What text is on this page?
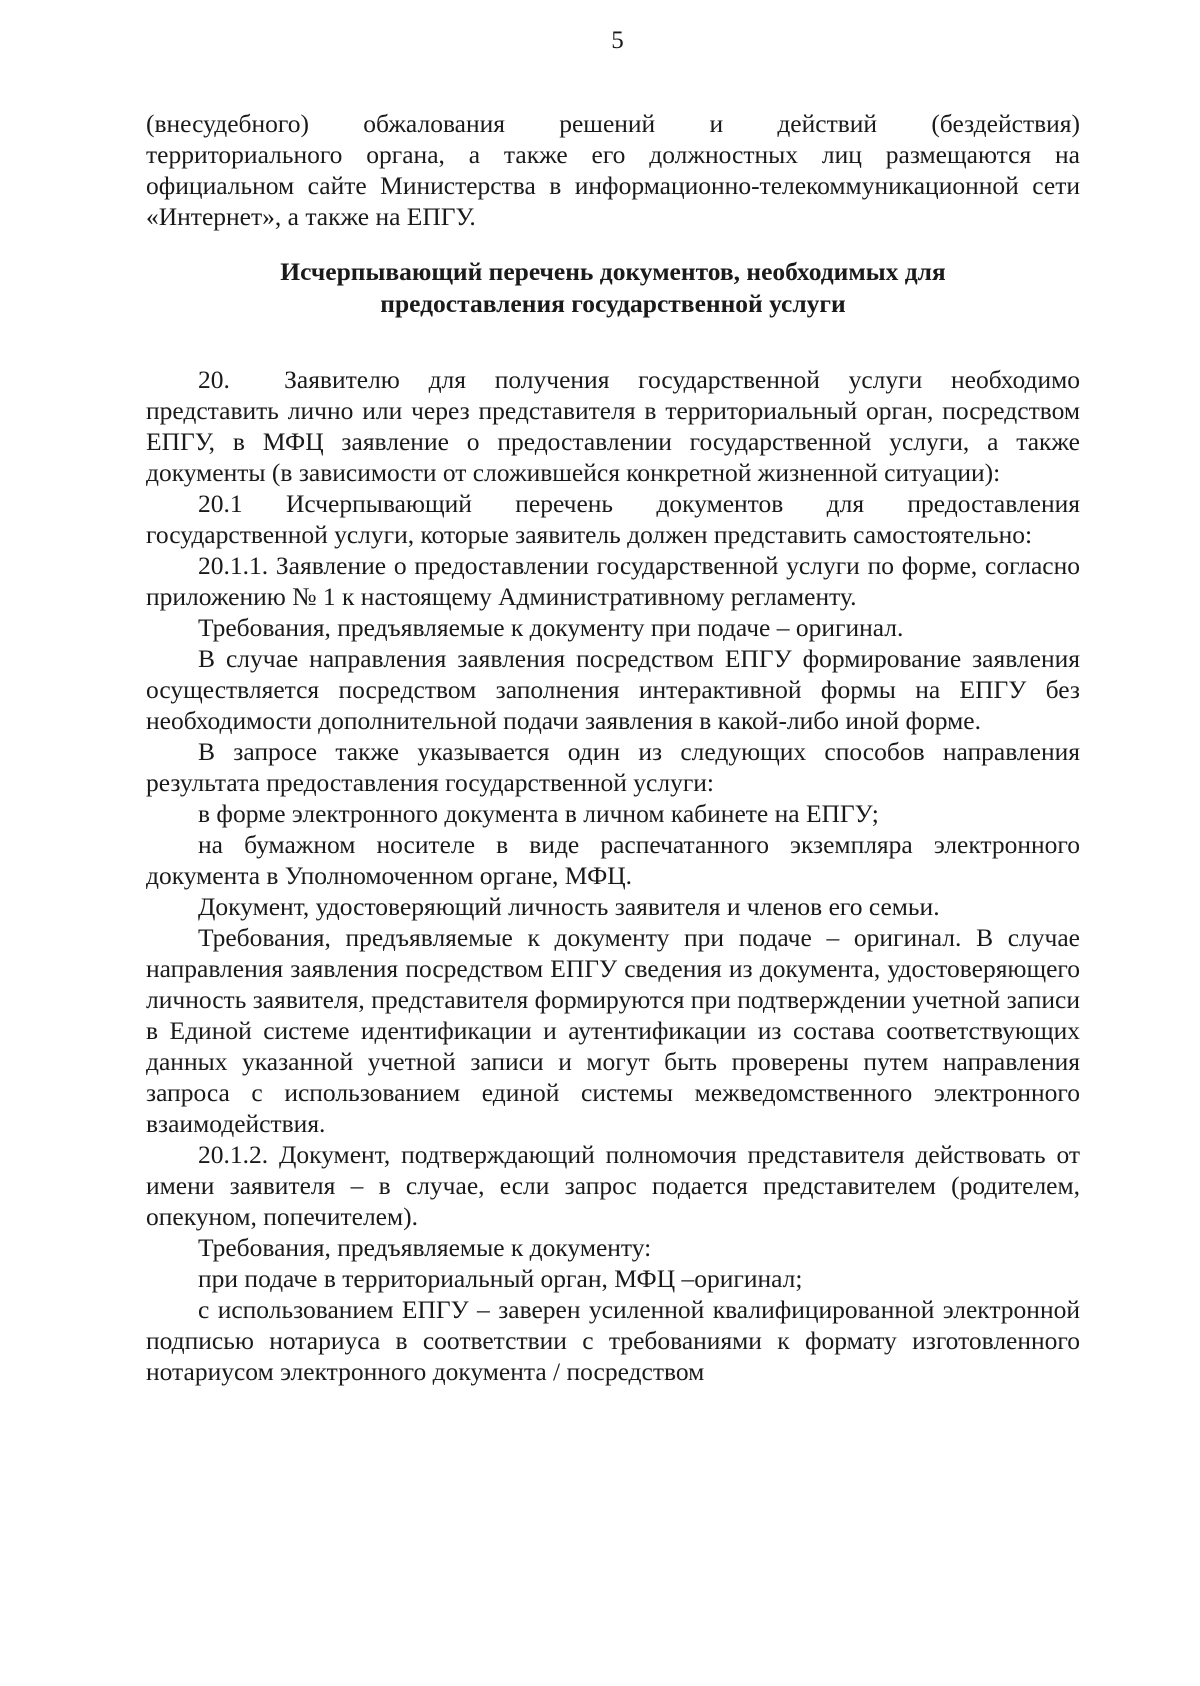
5

(внесудебного) обжалования решений и действий (бездействия)

территориального органа, а также его должностных лиц размещаются на официальном сайте Министерства в информационно-телекоммуникационной сети «Интернет», а также на ЕПГУ.

Исчерпывающий перечень документов, необходимых для

предоставления государственной услуги

20.  Заявителю для получения государственной услуги необходимо представить лично или через представителя в территориальный орган, посредством ЕПГУ, в МФЦ заявление о предоставлении государственной услуги, а также документы (в зависимости от сложившейся конкретной жизненной ситуации):

20.1 Исчерпывающий перечень документов для предоставления государственной услуги, которые заявитель должен представить самостоятельно:

20.1.1. Заявление о предоставлении государственной услуги по форме, согласно приложению № 1 к настоящему Административному регламенту.

Требования, предъявляемые к документу при подаче – оригинал.

В случае направления заявления посредством ЕПГУ формирование заявления осуществляется посредством заполнения интерактивной формы на ЕПГУ без необходимости дополнительной подачи заявления в какой-либо иной форме.

В запросе также указывается один из следующих способов направления результата предоставления государственной услуги:

в форме электронного документа в личном кабинете на ЕПГУ;

на бумажном носителе в виде распечатанного экземпляра электронного документа в Уполномоченном органе, МФЦ.

Документ, удостоверяющий личность заявителя и членов его семьи.

Требования, предъявляемые к документу при подаче – оригинал. В случае направления заявления посредством ЕПГУ сведения из документа, удостоверяющего личность заявителя, представителя формируются при подтверждении учетной записи в Единой системе идентификации и аутентификации из состава соответствующих данных указанной учетной записи и могут быть проверены путем направления запроса с использованием единой системы межведомственного электронного взаимодействия.

20.1.2. Документ, подтверждающий полномочия представителя действовать от имени заявителя – в случае, если запрос подается представителем (родителем, опекуном, попечителем).

Требования, предъявляемые к документу:

при подаче в территориальный орган, МФЦ –оригинал;

с использованием ЕПГУ – заверен усиленной квалифицированной электронной подписью нотариуса в соответствии с требованиями к формату изготовленного нотариусом электронного документа / посредством
